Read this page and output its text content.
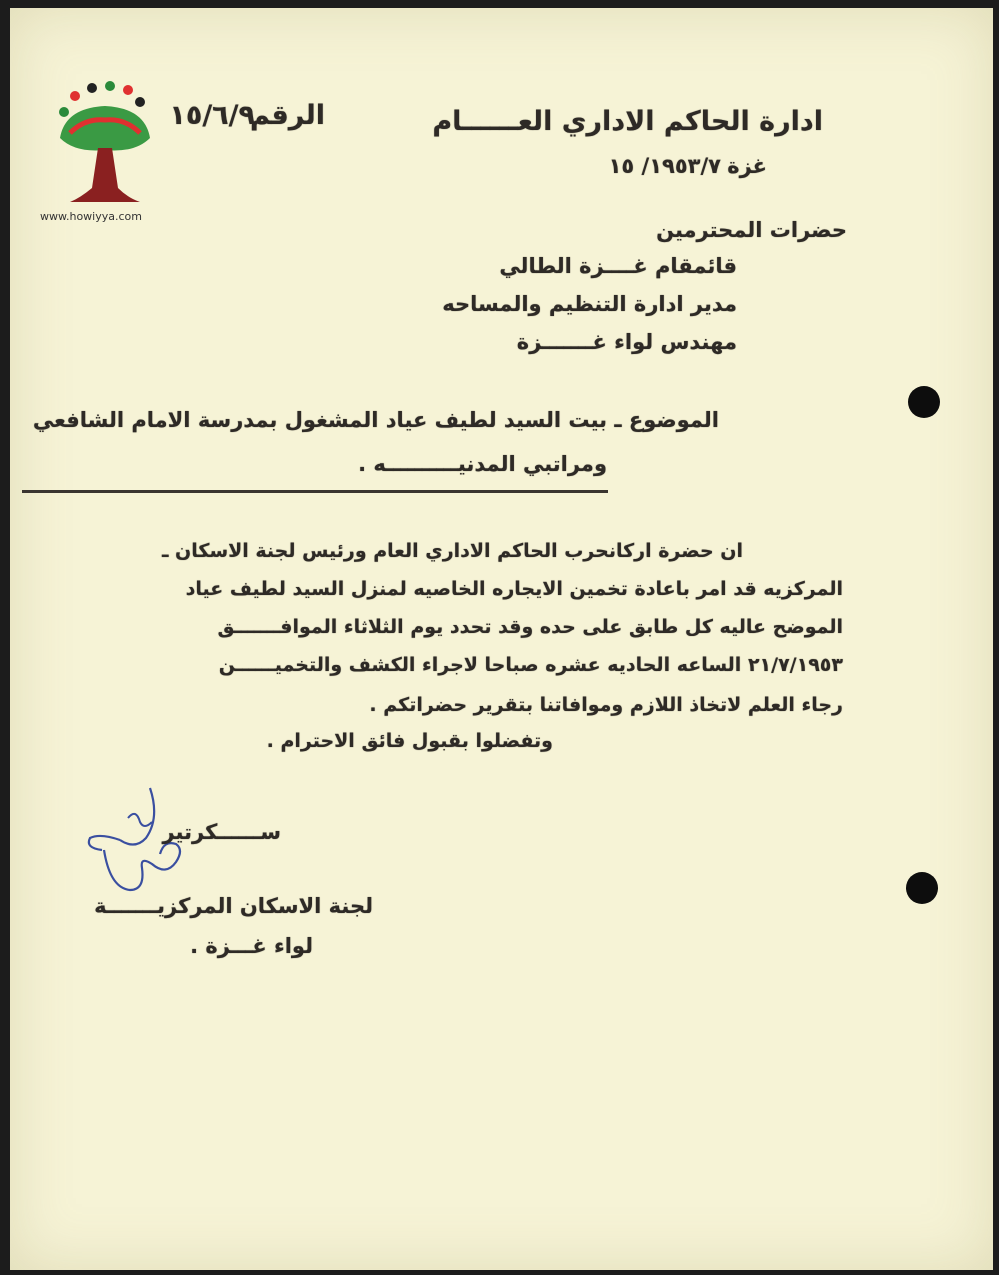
www.howiyya.com
ادارة الحاكم الاداري العــــــام
الرقم
١٥/٦/٩
غزة
١٩٥٣/٧/ ١٥
حضرات المحترمين
قائمقام غــــزة الطالي
مدير ادارة التنظيم والمساحه
مهندس لواء غـــــــزة
الموضوع ـ بيت السيد لطيف عياد المشغول بمدرسة الامام الشافعي
ومراتبي المدنيــــــــــه .
ان حضرة اركانحرب الحاكم الاداري العام ورئيس لجنة الاسكان ـ
المركزيه قد امر باعادة تخمين الايجاره الخاصيه لمنزل السيد لطيف عياد
الموضح عاليه كل طابق على حده وقد تحدد يوم الثلاثاء الموافـــــــق
٢١/٧/١٩٥٣ الساعه الحاديه عشره صباحا لاجراء الكشف والتخميــــــن
رجاء العلم لاتخاذ اللازم وموافاتنا بتقرير حضراتكم .
وتفضلوا بقبول فائق الاحترام .
ســــــكرتير
لجنة الاسكان المركزيـــــــة
لواء غـــزة .
